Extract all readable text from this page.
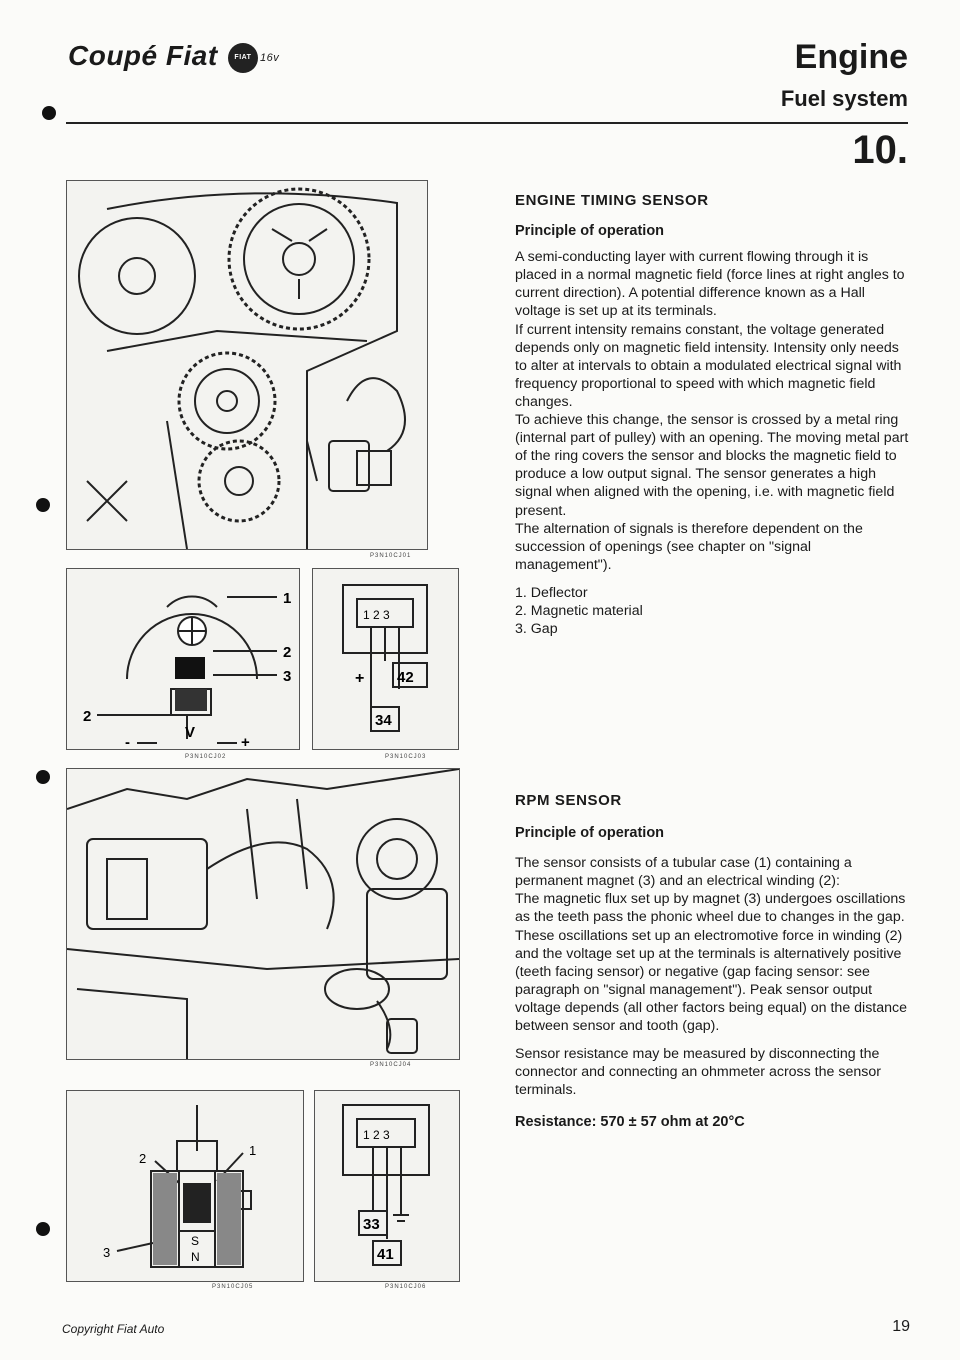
Coupé Fiat FIAT 16v	Engine
Fuel system
10.
P3N10CJ01
1
2
3
2
V
-	+
P3N10CJ02
1 2 3
+ 42
34
P3N10CJ03
P3N10CJ04
2
1
3
S
N
P3N10CJ05
1 2 3
33
41
P3N10CJ06
ENGINE TIMING SENSOR
Principle of operation
A semi-conducting layer with current flowing through it is placed in a normal magnetic field (force lines at right angles to current direction). A potential difference known as a Hall voltage is set up at its terminals.
If current intensity remains constant, the voltage generated depends only on magnetic field intensity. Intensity only needs to alter at intervals to obtain a modulated electrical signal with frequency proportional to speed with which magnetic field changes.
To achieve this change, the sensor is crossed by a metal ring (internal part of pulley) with an opening. The moving metal part of the ring covers the sensor and blocks the magnetic field to produce a low output signal. The sensor generates a high signal when aligned with the opening, i.e. with magnetic field present.
The alternation of signals is therefore dependent on the succession of openings (see chapter on "signal management").
1. Deflector
2. Magnetic material
3. Gap
RPM SENSOR
Principle of operation
The sensor consists of a tubular case (1) containing a permanent magnet (3) and an electrical winding (2):
The magnetic flux set up by magnet (3) undergoes oscillations as the teeth pass the phonic wheel due to changes in the gap.
These oscillations set up an electromotive force in winding (2) and the voltage set up at the terminals is alternatively positive (teeth facing sensor) or negative (gap facing sensor: see paragraph on "signal management"). Peak sensor output voltage depends (all other factors being equal) on the distance between sensor and tooth (gap).
Sensor resistance may be measured by disconnecting the connector and connecting an ohmmeter across the sensor terminals.
Resistance: 570 ± 57 ohm at 20°C
Copyright Fiat Auto	19
